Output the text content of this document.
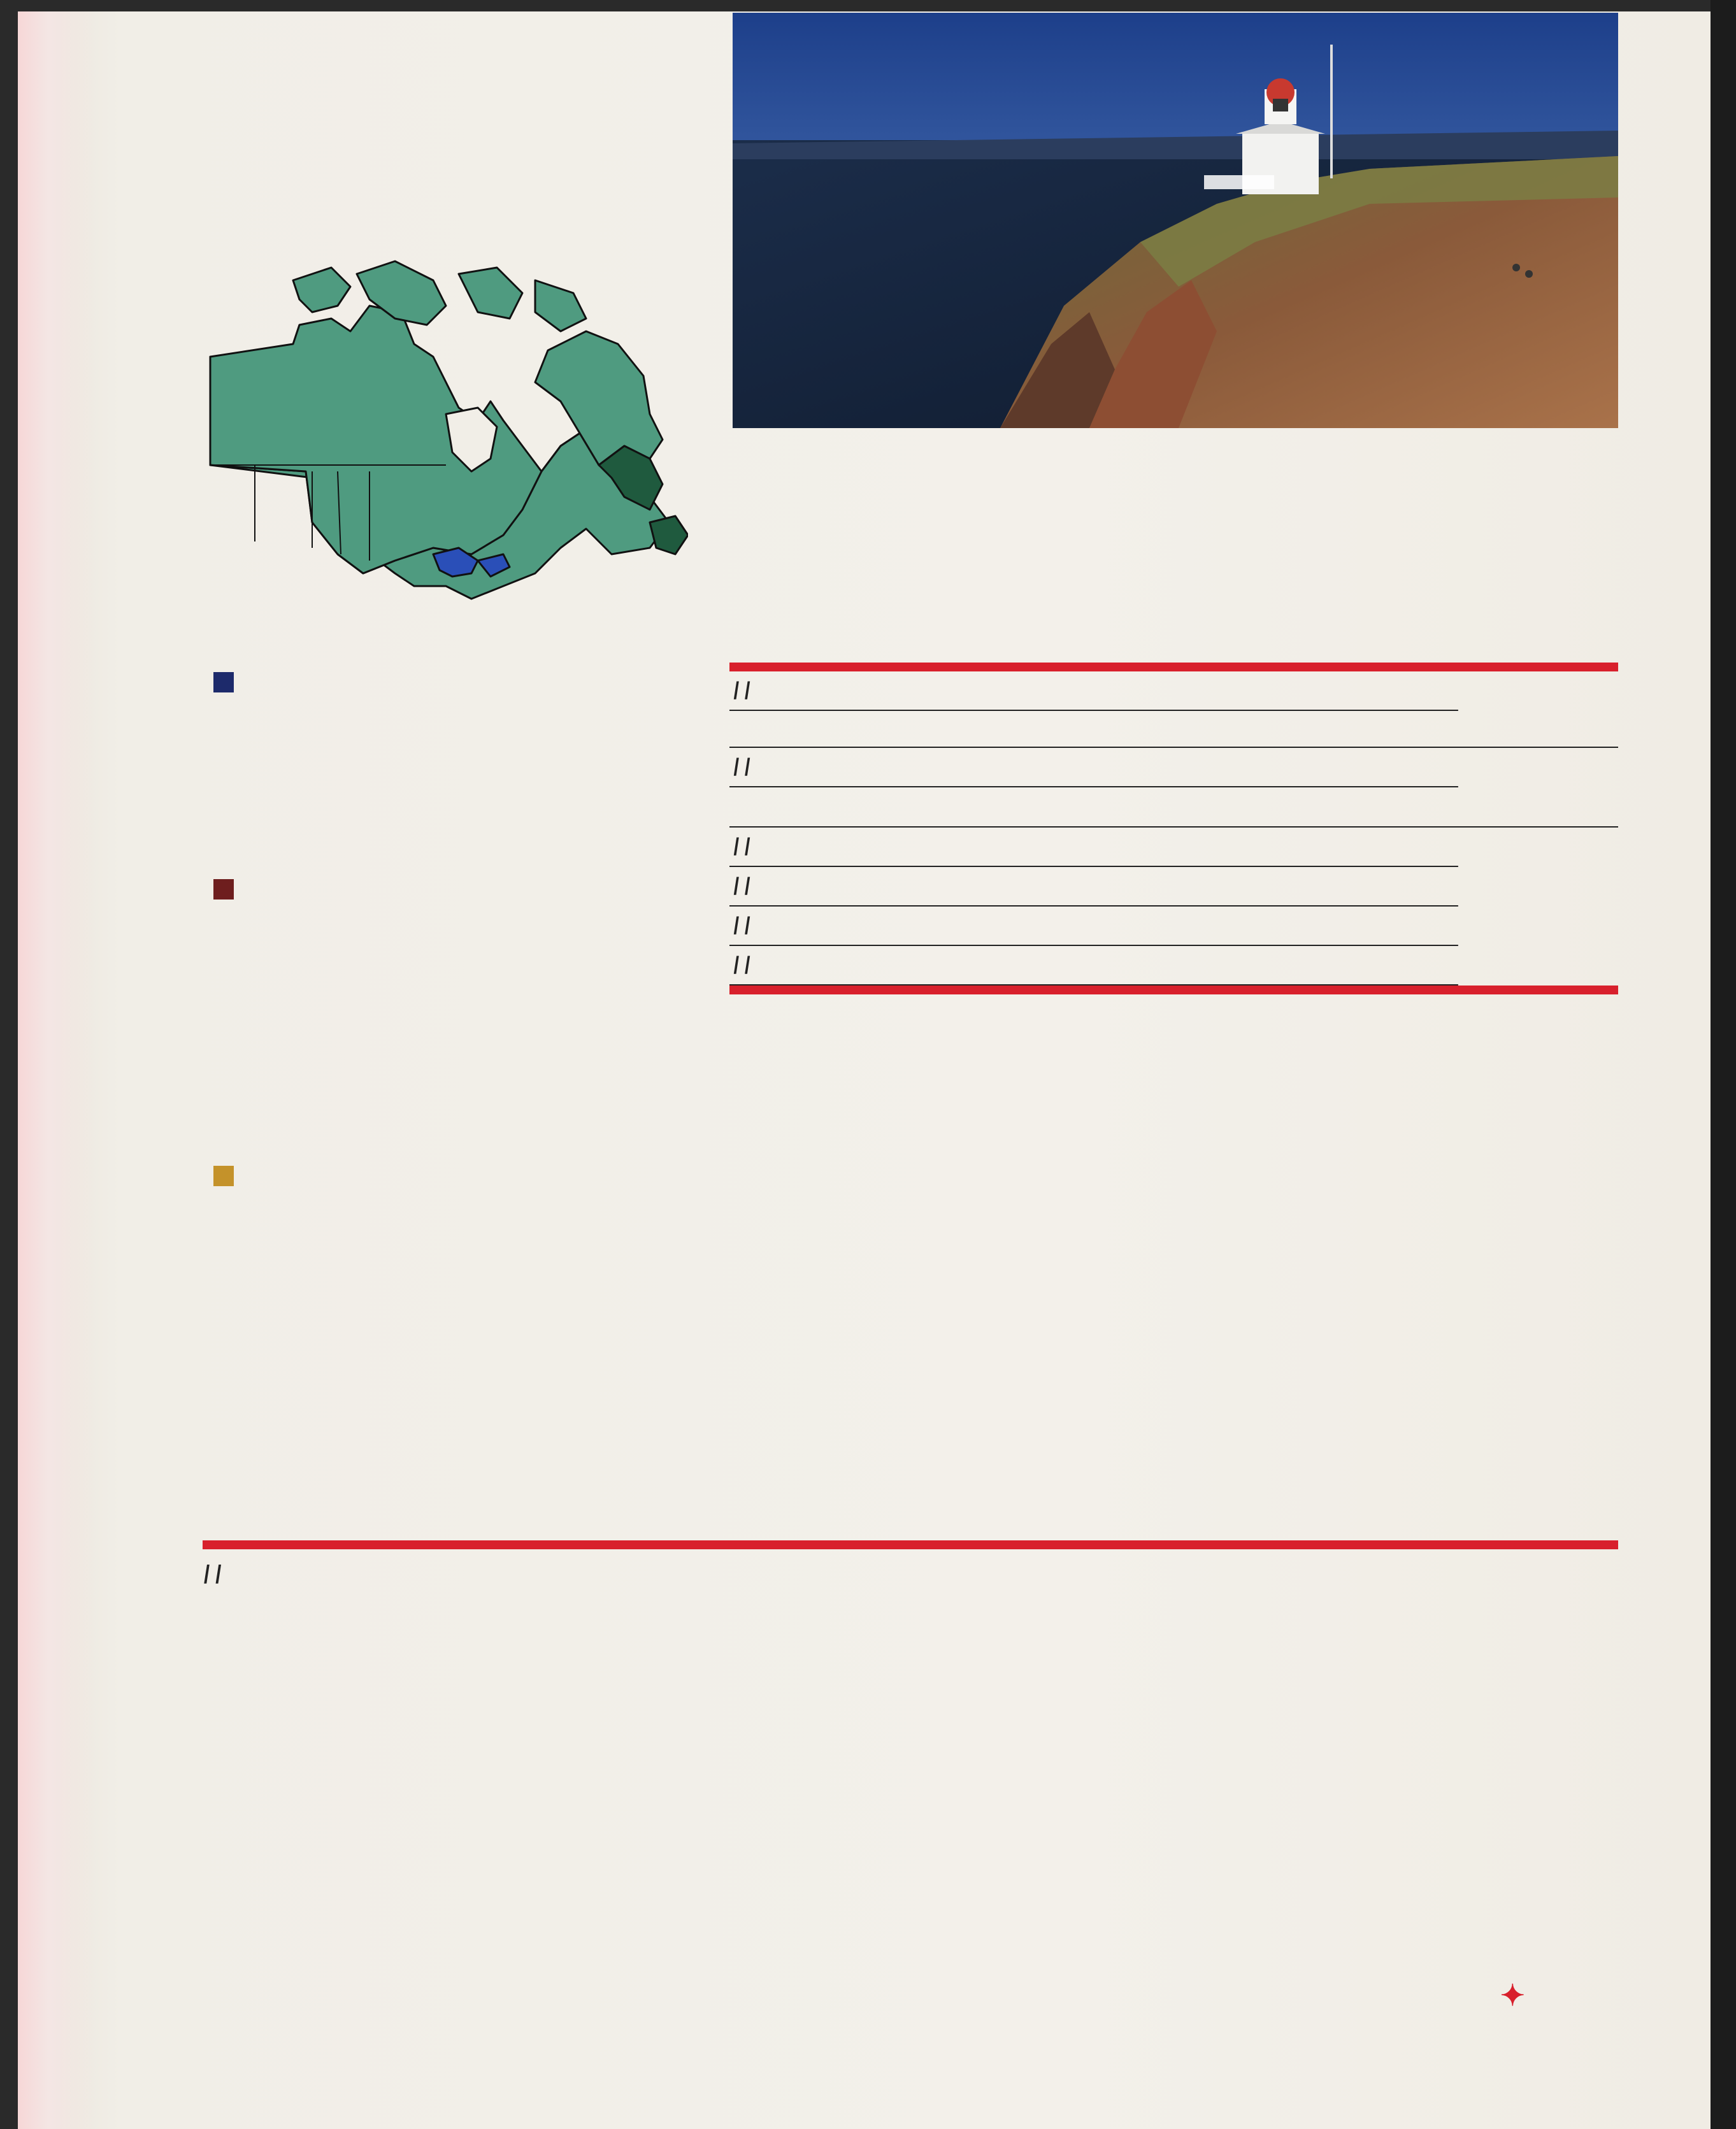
/ /
/ /
/ /
/ /
/ /
/ /
/ /
✦
